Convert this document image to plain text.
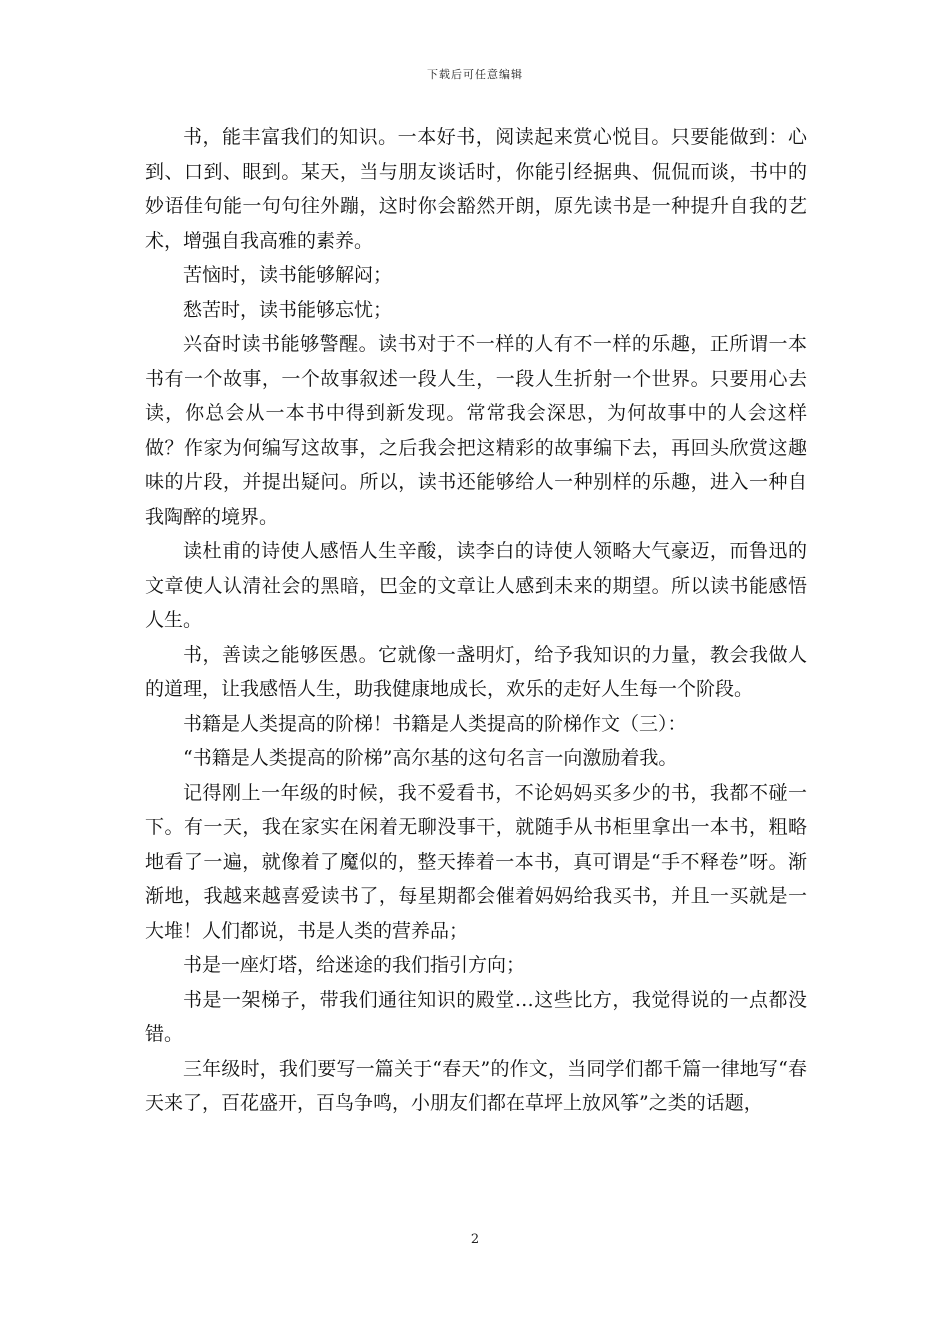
下载后可任意编辑

书，能丰富我们的知识。一本好书，阅读起来赏心悦目。只要能做到：心到、口到、眼到。某天，当与朋友谈话时，你能引经据典、侃侃而谈，书中的妙语佳句能一句句往外蹦，这时你会豁然开朗，原先读书是一种提升自我的艺术，增强自我高雅的素养。

苦恼时，读书能够解闷；

愁苦时，读书能够忘忧；

兴奋时读书能够警醒。读书对于不一样的人有不一样的乐趣，正所谓一本书有一个故事，一个故事叙述一段人生，一段人生折射一个世界。只要用心去读，你总会从一本书中得到新发现。常常我会深思，为何故事中的人会这样做？作家为何编写这故事，之后我会把这精彩的故事编下去，再回头欣赏这趣味的片段，并提出疑问。所以，读书还能够给人一种别样的乐趣，进入一种自我陶醉的境界。

读杜甫的诗使人感悟人生辛酸，读李白的诗使人领略大气豪迈，而鲁迅的文章使人认清社会的黑暗，巴金的文章让人感到未来的期望。所以读书能感悟人生。

书，善读之能够医愚。它就像一盏明灯，给予我知识的力量，教会我做人的道理，让我感悟人生，助我健康地成长，欢乐的走好人生每一个阶段。

书籍是人类提高的阶梯！书籍是人类提高的阶梯作文（三）：

“书籍是人类提高的阶梯”高尔基的这句名言一向激励着我。

记得刚上一年级的时候，我不爱看书，不论妈妈买多少的书，我都不碰一下。有一天，我在家实在闲着无聊没事干，就随手从书柜里拿出一本书，粗略地看了一遍，就像着了魔似的，整天捧着一本书，真可谓是“手不释卷”呀。渐渐地，我越来越喜爱读书了，每星期都会催着妈妈给我买书，并且一买就是一大堆！人们都说，书是人类的营养品；

书是一座灯塔，给迷途的我们指引方向；

书是一架梯子，带我们通往知识的殿堂…这些比方，我觉得说的一点都没错。

三年级时，我们要写一篇关于“春天”的作文，当同学们都千篇一律地写“春天来了，百花盛开，百鸟争鸣，小朋友们都在草坪上放风筝”之类的话题，

2
